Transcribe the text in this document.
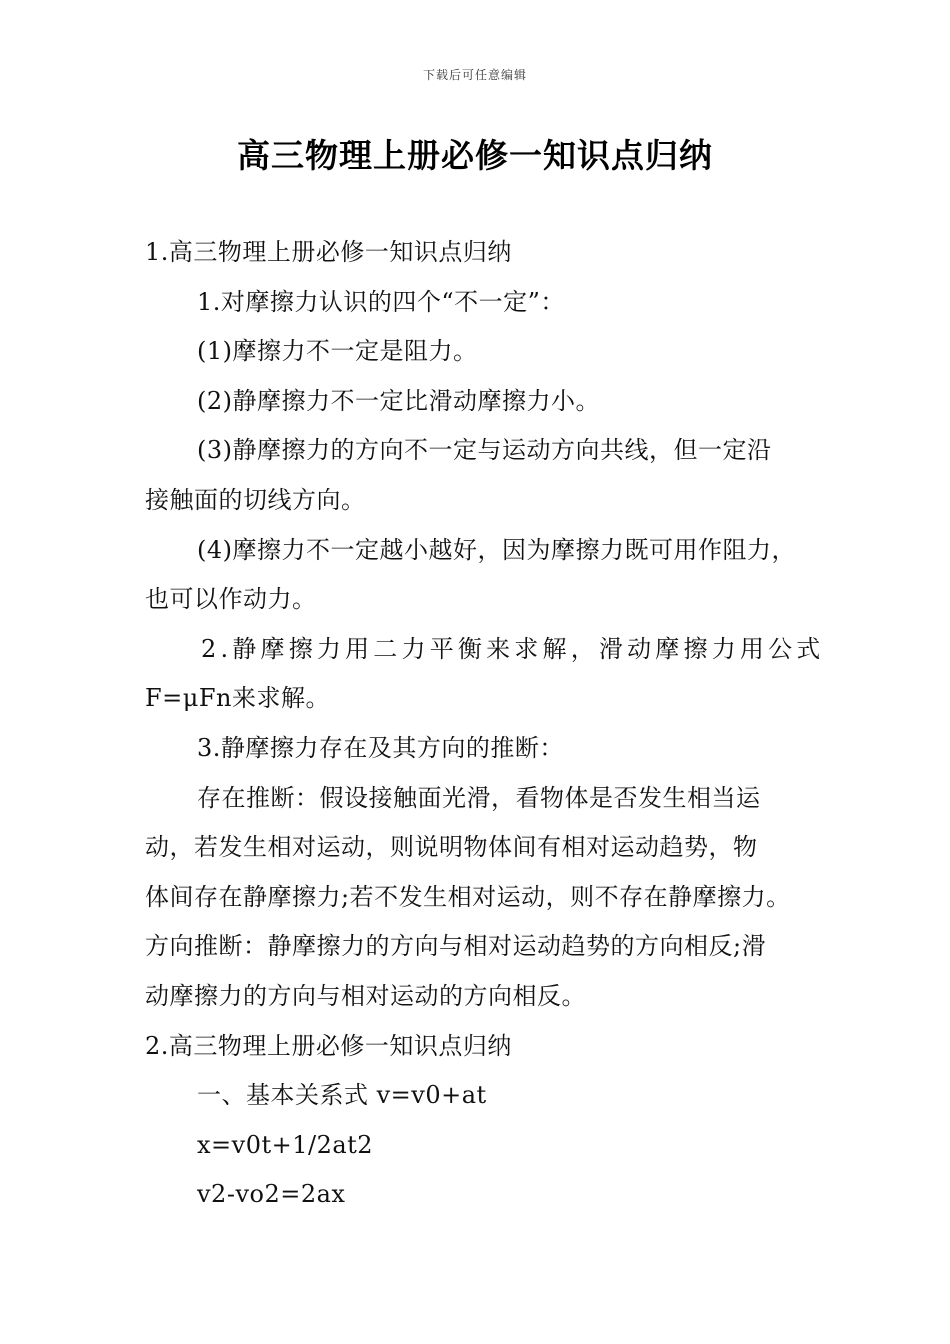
下载后可任意编辑
高三物理上册必修一知识点归纳

1.高三物理上册必修一知识点归纳

1.对摩擦力认识的四个“不一定”：

(1)摩擦力不一定是阻力。

(2)静摩擦力不一定比滑动摩擦力小。

(3)静摩擦力的方向不一定与运动方向共线，但一定沿

接触面的切线方向。

(4)摩擦力不一定越小越好，因为摩擦力既可用作阻力，

也可以作动力。

2.静摩擦力用二力平衡来求解，滑动摩擦力用公式

F=μFn来求解。

3.静摩擦力存在及其方向的推断：

存在推断：假设接触面光滑，看物体是否发生相当运

动，若发生相对运动，则说明物体间有相对运动趋势，物

体间存在静摩擦力;若不发生相对运动，则不存在静摩擦力。

方向推断：静摩擦力的方向与相对运动趋势的方向相反;滑

动摩擦力的方向与相对运动的方向相反。

2.高三物理上册必修一知识点归纳

一、基本关系式 v=v0+at

x=v0t+1/2at2

v2-vo2=2ax
